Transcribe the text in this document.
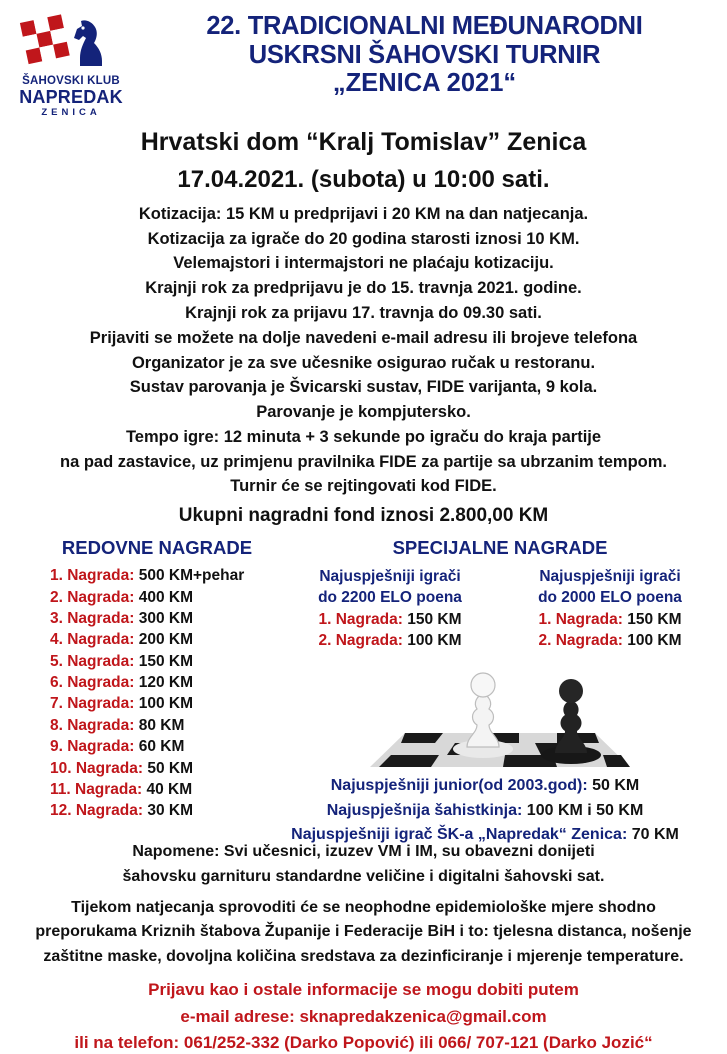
ŠAHOVSKI KLUB
NAPREDAK
ZENICA
22. TRADICIONALNI MEĐUNARODNI
USKRSNI ŠAHOVSKI TURNIR
„ZENICA 2021“
Hrvatski dom “Kralj Tomislav” Zenica
17.04.2021. (subota) u 10:00 sati.

Kotizacija: 15 KM u predprijavi i 20 KM na dan natjecanja.

Kotizacija za igrače do 20 godina starosti iznosi 10 KM.

Velemajstori i intermajstori ne plaćaju kotizaciju.

Krajnji rok za predprijavu je do 15. travnja 2021. godine.

Krajnji rok za prijavu 17. travnja do 09.30 sati.

Prijaviti se možete na dolje navedeni e-mail adresu ili brojeve telefona

Organizator je za sve učesnike osigurao ručak u restoranu.

Sustav parovanja je Švicarski sustav, FIDE varijanta, 9 kola.

Parovanje je kompjutersko.

Tempo igre: 12 minuta + 3 sekunde po igraču do kraja partije

na pad zastavice, uz primjenu pravilnika FIDE za partije sa ubrzanim tempom.

Turnir će se rejtingovati kod FIDE.

Ukupni nagradni fond iznosi 2.800,00 KM
REDOVNE NAGRADE
1. Nagrada: 500 KM+pehar
2. Nagrada: 400 KM
3. Nagrada: 300 KM
4. Nagrada: 200 KM
5. Nagrada: 150 KM
6. Nagrada: 120 KM
7. Nagrada: 100 KM
8. Nagrada: 80 KM
9. Nagrada: 60 KM
10. Nagrada: 50 KM
11. Nagrada: 40 KM
12. Nagrada: 30 KM
SPECIJALNE NAGRADE
Najuspješniji igrači
do 2200 ELO poena
1. Nagrada: 150 KM
2. Nagrada: 100 KM
Najuspješniji igrači
do 2000 ELO poena
1. Nagrada: 150 KM
2. Nagrada: 100 KM

Najuspješniji junior(od 2003.god): 50 KM

Najuspješnija šahistkinja: 100 KM i 50 KM

Najuspješniji igrač ŠK-a „Napredak“ Zenica: 70 KM

Napomene: Svi učesnici, izuzev VM i IM, su obavezni donijeti

šahovsku garnituru standardne veličine i digitalni šahovski sat.

Tijekom natjecanja sprovoditi će se neophodne epidemiološke mjere shodno

preporukama Kriznih štabova Županije i Federacije BiH i to: tjelesna distanca, nošenje

zaštitne maske, dovoljna količina sredstava za dezinficiranje i mjerenje temperature.

Prijavu kao i ostale informacije se mogu dobiti putem

e-mail adrese: sknapredakzenica@gmail.com

ili na telefon: 061/252-332 (Darko Popović) ili 066/ 707-121 (Darko Jozić“
